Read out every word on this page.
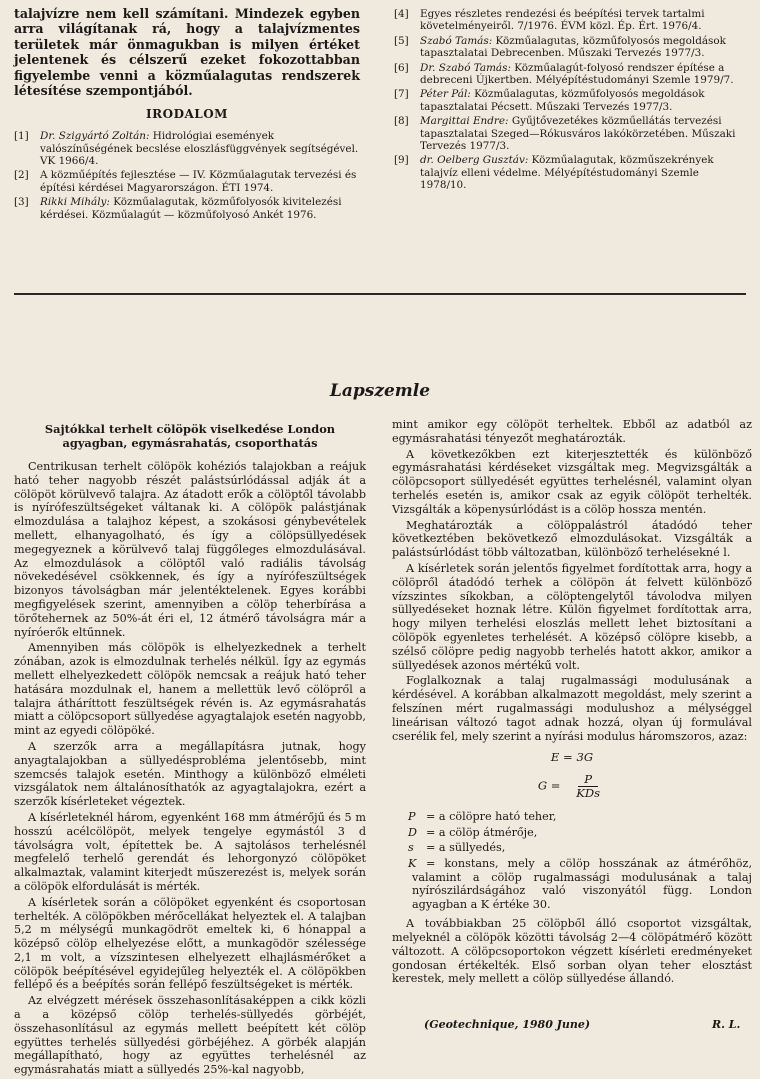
talajvízre nem kell számítani. Mindezek egyben arra világítanak rá, hogy a talajvízmentes területek már önmagukban is milyen értéket jelentenek és célszerű ezeket fokozottabban figyelembe venni a közműalagutas rendszerek létesítése szempontjából.

IRODALOM
[1] Dr. Szigyártó Zoltán: Hidrológiai események valószínűségének becslése eloszlásfüggvények segítségével. VK 1966/4.
[2] A közműépítés fejlesztése — IV. Közműalagutak tervezési és építési kérdései Magyarországon. ÉTI 1974.
[3] Rikki Mihály: Közműalagutak, közműfolyosók kivitelezési kérdései. Közműalagút — közműfolyosó Ankét 1976.
[4] Egyes részletes rendezési és beépítési tervek tartalmi követelményeiről. 7/1976. ÉVM közl. Ép. Ért. 1976/4.
[5] Szabó Tamás: Közműalagutas, közműfolyosós megoldások tapasztalatai Debrecenben. Műszaki Tervezés 1977/3.
[6] Dr. Szabó Tamás: Közműalagút-folyosó rendszer építése a debreceni Újkertben. Mélyépítéstudományi Szemle 1979/7.
[7] Péter Pál: Közműalagutas, közműfolyosós megoldások tapasztalatai Pécsett. Műszaki Tervezés 1977/3.
[8] Margittai Endre: Gyűjtővezetékes közműellátás tervezési tapasztalatai Szeged—Rókusváros lakókörzetében. Műszaki Tervezés 1977/3.
[9] dr. Oelberg Gusztáv: Közműalagutak, közműszekrények talajvíz elleni védelme. Mélyépítéstudományi Szemle 1978/10.
Lapszemle
Sajtókkal terhelt cölöpök viselkedése London agyagban, egymásrahatás, csoporthatás

Centrikusan terhelt cölöpök kohéziós talajokban a reájuk ható teher nagyobb részét palástsúrlódással adják át a cölöpöt körülvevő talajra. Az átadott erők a cölöptől távolabb is nyírófeszültségeket váltanak ki. A cölöpök palástjának elmozdulása a talajhoz képest, a szokásosi génybevételek mellett, elhanyagolható, és így a cölöpsüllyedések megegyeznek a körülvevő talaj függőleges elmozdulásával. Az elmozdulások a cölöptől való radiális távolság növekedésével csökkennek, és így a nyírófeszültségek bizonyos távolságban már jelentéktelenek. Egyes korábbi megfigyelések szerint, amennyiben a cölöp teherbírása a törőtehernek az 50%-át éri el, 12 átmérő távolságra már a nyíróerők eltűnnek.

Amennyiben más cölöpök is elhelyezkednek a terhelt zónában, azok is elmozdulnak terhelés nélkül. Így az egymás mellett elhelyezkedett cölöpök nemcsak a reájuk ható teher hatására mozdulnak el, hanem a mellettük levő cölöpről a talajra átháríttott feszültségek révén is. Az egymásrahatás miatt a cölöpcsoport süllyedése agyagtalajok esetén nagyobb, mint az egyedi cölöpöké.

A szerzők arra a megállapításra jutnak, hogy anyagtalajokban a süllyedésprobléma jelentősebb, mint szemcsés talajok esetén. Minthogy a különböző elméleti vizsgálatok nem általánosíthatók az agyagtalajokra, ezért a szerzők kísérleteket végeztek.

A kísérleteknél három, egyenként 168 mm átmérőjű és 5 m hosszú acélcölöpöt, melyek tengelye egymástól 3 d távolságra volt, építettek be. A sajtolásos terhelésnél megfelelő terhelő gerendát és lehorgonyzó cölöpöket alkalmaztak, valamint kiterjedt műszerezést is, melyek során a cölöpök elfordulását is mérték.

A kísérletek során a cölöpöket egyenként és csoportosan terhelték. A cölöpökben mérőcellákat helyeztek el. A talajban 5,2 m mélységű munkagödröt emeltek ki, 6 hónappal a középső cölöp elhelyezése előtt, a munkagödör szélessége 2,1 m volt, a vízszintesen elhelyezett elhajlásmérőket a cölöpök beépítésével egyidejűleg helyezték el. A cölöpökben fellépő és a beépítés során fellépő feszültségeket is mérték.

Az elvégzett mérések összehasonlításaképpen a cikk közli a a középső cölöp terhelés-süllyedés görbéjét, összehasonlításul az egymás mellett beépített két cölöp együttes terhelés süllyedési görbéjéhez. A görbék alapján megállapítható, hogy az együttes terhelésnél az egymásrahatás miatt a süllyedés 25%-kal nagyobb,

mint amikor egy cölöpöt terheltek. Ebből az adatból az egymásrahatási tényezőt meghatározták.

A következőkben ezt kiterjesztették és különböző egymásrahatási kérdéseket vizsgáltak meg. Megvizsgálták a cölöpcsoport süllyedését együttes terhelésnél, valamint olyan terhelés esetén is, amikor csak az egyik cölöpöt terhelték. Vizsgálták a köpenysúrlódást is a cölöp hossza mentén.

Meghatározták a cölöppalástról átadódó teher következtében bekövetkező elmozdulásokat. Vizsgálták a palástsúrlódást több változatban, különböző terhelésekné l.

A kísérletek során jelentős figyelmet fordítottak arra, hogy a cölöpről átadódó terhek a cölöpön át felvett különböző vízszintes síkokban, a cölöptengelytől távolodva milyen süllyedéseket hoznak létre. Külön figyelmet fordítottak arra, hogy milyen terhelési eloszlás mellett lehet biztosítani a cölöpök egyenletes terhelését. A középső cölöpre kisebb, a szélső cölöpre pedig nagyobb terhelés hatott akkor, amikor a süllyedések azonos mértékű volt.

Foglalkoznak a talaj rugalmassági modulusának a kérdésével. A korábban alkalmazott megoldást, mely szerint a felszínen mért rugalmassági modulushoz a mélységgel lineárisan változó tagot adnak hozzá, olyan új formulával cserélik fel, mely szerint a nyírási modulus háromszoros, azaz:

E = 3G
$G = \frac{P}{\text{KDs}}$

P = a cölöpre ható teher,

D = a cölöp átmérője,

s = a süllyedés,

K = konstans, mely a cölöp hosszának az átmérőhöz, valamint a cölöp rugalmassági modulusának a talaj nyírószilárdságához való viszonyától függ. London agyagban a K értéke 30.

A továbbiakban 25 cölöpből álló csoportot vizsgáltak, melyeknél a cölöpök közötti távolság 2—4 cölöpátmérő között változott. A cölöpcsoportokon végzett kísérleti eredményeket gondosan értékelték. Első sorban olyan teher elosztást kerestek, mely mellett a cölöp süllyedése állandó.

(Geotechnique, 1980 June)	R. L.
